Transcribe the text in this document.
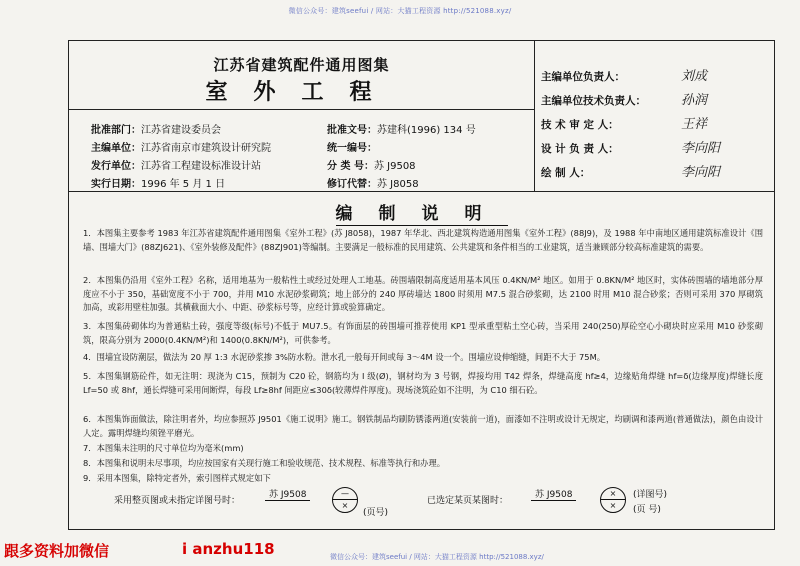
微信公众号：建筑seefui / 网站：大猫工程资源 http://521088.xyz/
江苏省建筑配件通用图集
室外工程
批准部门：江苏省建设委员会	批准文号：苏建科(1996) 134 号
主编单位：江苏省南京市建筑设计研究院	统一编号：
发行单位：江苏省工程建设标准设计站	分 类 号：苏 J9508
实行日期：1996 年 5 月 1 日	修订代替：苏 J8058
主编单位负责人：	刘成
主编单位技术负责人：	孙润
技 术 审 定 人：	王祥
设 计 负 责 人：	李向阳
绘 制 人：	李向阳
编制说明
1．本图集主要参考 1983 年江苏省建筑配件通用图集《室外工程》(苏 J8058)，1987 年华北、西北建筑构造通用图集《室外工程》(88J9)，及 1988 年中南地区通用建筑标准设计《围墙、围墙大门》(88ZJ621)、《室外装修及配件》(88ZJ901)等编制。主要满足一般标准的民用建筑、公共建筑和条件相当的工业建筑，适当兼顾部分较高标准建筑的需要。
2．本图集仍沿用《室外工程》名称，适用地基为一般粘性土或经过处理人工地基。砖围墙限制高度适用基本风压 0.4KN/M² 地区。如用于 0.8KN/M² 地区时，实体砖围墙的墙地部分厚度应不小于 350，基础宽度不小于 700，并用 M10 水泥砂浆砌筑；地上部分的 240 厚砖墙达 1800 时须用 M7.5 混合砂浆砌，达 2100 时用 M10 混合砂浆；否则可采用 370 厚砌筑加高，或彩用壁柱加强。其横截面大小、中距、砂浆标号等，应经计算或验算确定。
3．本图集砖砌体均为普通粘土砖，强度等级(标号)不低于 MU7.5。有饰面层的砖围墙可推荐使用 KP1 型承重型粘土空心砖，当采用 240(250)厚砼空心小砌块时应采用 M10 砂浆砌筑，限高分别为 2000(0.4KN/M²)和 1400(0.8KN/M²)，可供参考。
4．围墙宜设防潮层，做法为 20 厚 1:3 水泥砂浆掺 3%防水粉。泄水孔一般每开间或每 3～4M 设一个。围墙应设伸缩缝，间距不大于 75M。
5．本图集钢筋砼件，如无注明：现浇为 C15，预制为 C20 砼，钢筋均为 I 级(Ø)，钢材均为 3 号钢，焊接均用 T42 焊条，焊缝高度 hf≥4，边缘贴角焊缝 hf=δ(边缘厚度)焊缝长度 Lf=50 或 8hf，通长焊缝可采用间断焊，每段 Lf≥8hf 间距应≤30δ(较薄焊件厚度)。现场浇筑砼如不注明，为 C10 细石砼。
6．本图集饰面做法，除注明者外，均应参照苏 J9501《施工说明》施工。钢铁制品均刷防锈漆两道(安装前一道)，面漆如不注明或设计无规定，均刷调和漆两道(普通做法)，颜色由设计人定。露明焊缝均须锉平磨光。
7．本图集未注明的尺寸单位均为毫米(mm)
8．本图集和说明未尽事项，均应按国家有关现行施工和验收规范、技术规程、标准等执行和办理。
9．采用本图集，除特定者外，索引图样式规定如下
采用整页图或未指定详图号时：
苏 J9508	—
×
(页号)
已选定某页某图时：
苏 J9508	×
×
(详图号)
(页 号)
跟多资料加微信	i anzhu118	微信公众号：建筑seefui / 网站：大猫工程资源 http://521088.xyz/
